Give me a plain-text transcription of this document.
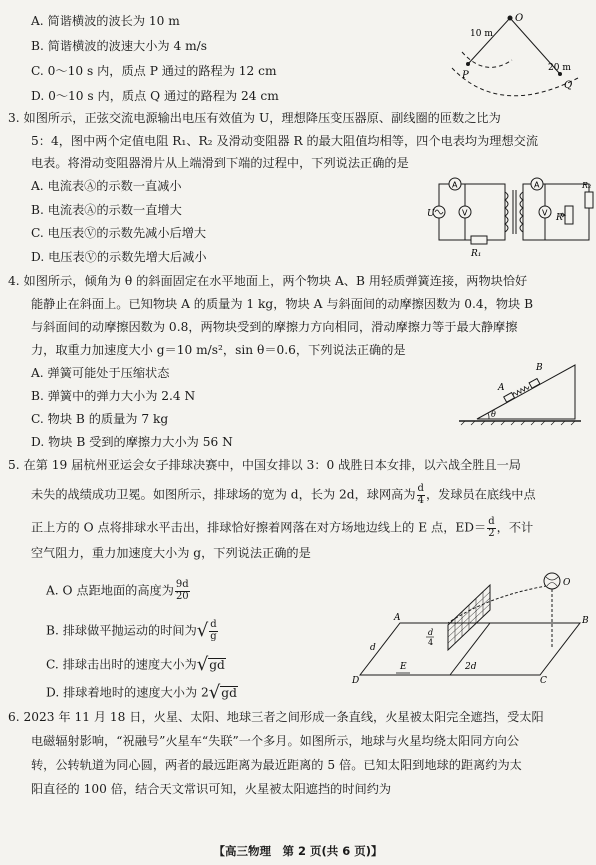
A. 简谐横波的波长为 10 m
B. 简谐横波的波速大小为 4 m/s
C. 0～10 s 内，质点 P 通过的路程为 12 cm
D. 0～10 s 内，质点 Q 通过的路程为 24 cm
O
P
Q
10 m
20 m
3. 如图所示，正弦交流电源输出电压有效值为 U，理想降压变压器原、副线圈的匝数之比为
5：4，图中两个定值电阻 R₁、R₂ 及滑动变阻器 R 的最大阻值均相等，四个电表均为理想交流
电表。将滑动变阻器滑片从上端滑到下端的过程中，下列说法正确的是
A. 电流表Ⓐ的示数一直减小
B. 电流表Ⓐ的示数一直增大
C. 电压表Ⓥ的示数先减小后增大
D. 电压表Ⓥ的示数先增大后减小
A
V
R₁
U
A
V R
R₂
4. 如图所示，倾角为 θ 的斜面固定在水平地面上，两个物块 A、B 用轻质弹簧连接，两物块恰好
能静止在斜面上。已知物块 A 的质量为 1 kg，物块 A 与斜面间的动摩擦因数为 0.4，物块 B
与斜面间的动摩擦因数为 0.8，两物块受到的摩擦力方向相同，滑动摩擦力等于最大静摩擦
力，取重力加速度大小 g＝10 m/s²，sin θ＝0.6，下列说法正确的是
A. 弹簧可能处于压缩状态
B. 弹簧中的弹力大小为 2.4 N
C. 物块 B 的质量为 7 kg
D. 物块 B 受到的摩擦力大小为 56 N
A
B
θ
5. 在第 19 届杭州亚运会女子排球决赛中，中国女排以 3：0 战胜日本女排，以六战全胜且一局
未失的战绩成功卫冕。如图所示，排球场的宽为 d，长为 2d，球网高为 $\frac{d}{4}$ ，发球员在底线中点
正上方的 O 点将排球水平击出，排球恰好擦着网落在对方场地边线上的 E 点，$ED= \frac{d}{2}$ ，不计
空气阻力，重力加速度大小为 g，下列说法正确的是
A. O 点距地面的高度为 $\frac{9d}{20}$
B. 排球做平抛运动的时间为√ $\frac{d}{g}$
C. 排球击出时的速度大小为√gd
D. 排球着地时的速度大小为 2√gd
O
A	B
C
D
E
d
d
4
2d
6. 2023 年 11 月 18 日，火星、太阳、地球三者之间形成一条直线，火星被太阳完全遮挡，受太阳
电磁辐射影响，“祝融号”火星车“失联”一个多月。如图所示，地球与火星均绕太阳同方向公
转，公转轨道为同心圆，两者的最远距离为最近距离的 5 倍。已知太阳到地球的距离约为太
阳直径的 100 倍，结合天文常识可知，火星被太阳遮挡的时间约为
【高三物理　第 2 页(共 6 页)】
